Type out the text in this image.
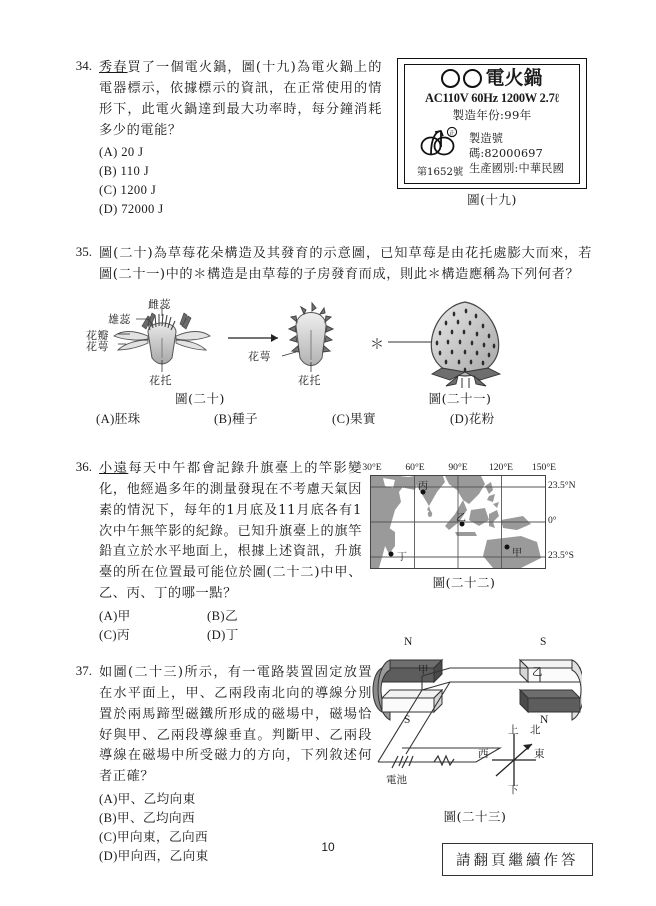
34. 秀春買了一個電火鍋，圖(十九)為電火鍋上的電器標示，依據標示的資訊，在正常使用的情形下，此電火鍋達到最大功率時，每分鐘消耗多少的電能？
(A) 20 J
(B) 110 J
(C) 1200 J
(D) 72000 J
電火鍋
AC110V 60Hz 1200W 2.7ℓ
製造年份:99年
正
第1652號
製造號碼:82000697
生產國別:中華民國
圖(十九)
35. 圖(二十)為草莓花朵構造及其發育的示意圖，已知草莓是由花托處膨大而來，若圖(二十一)中的＊構造是由草莓的子房發育而成，則此＊構造應稱為下列何者？
雄蕊
雌蕊
花瓣
花萼
花托
花萼
花托
圖(二十)
＊
圖(二十一)
(A)胚珠	(B)種子	(C)果實	(D)花粉
36. 小遠每天中午都會記錄升旗臺上的竿影變化，他經過多年的測量發現在不考慮天氣因素的情況下，每年的1月底及11月底各有1次中午無竿影的紀錄。已知升旗臺上的旗竿鉛直立於水平地面上，根據上述資訊，升旗臺的所在位置最可能位於圖(二十二)中甲、乙、丙、丁的哪一點？
(A)甲	(B)乙
(C)丙	(D)丁
30°E 60°E 90°E 120°E 150°E
甲
乙
丙
丁
23.5°N
0°
23.5°S
圖(二十二)
37. 如圖(二十三)所示，有一電路裝置固定放置在水平面上，甲、乙兩段南北向的導線分別置於兩馬蹄型磁鐵所形成的磁場中，磁場恰好與甲、乙兩段導線垂直。判斷甲、乙兩段導線在磁場中所受磁力的方向，下列敘述何者正確？
(A)甲、乙均向東
(B)甲、乙均向西
(C)甲向東，乙向西
(D)甲向西，乙向東
N
S
S
N
甲	乙
電池
上 北
西	東
下
圖(二十三)
10
請翻頁繼續作答
